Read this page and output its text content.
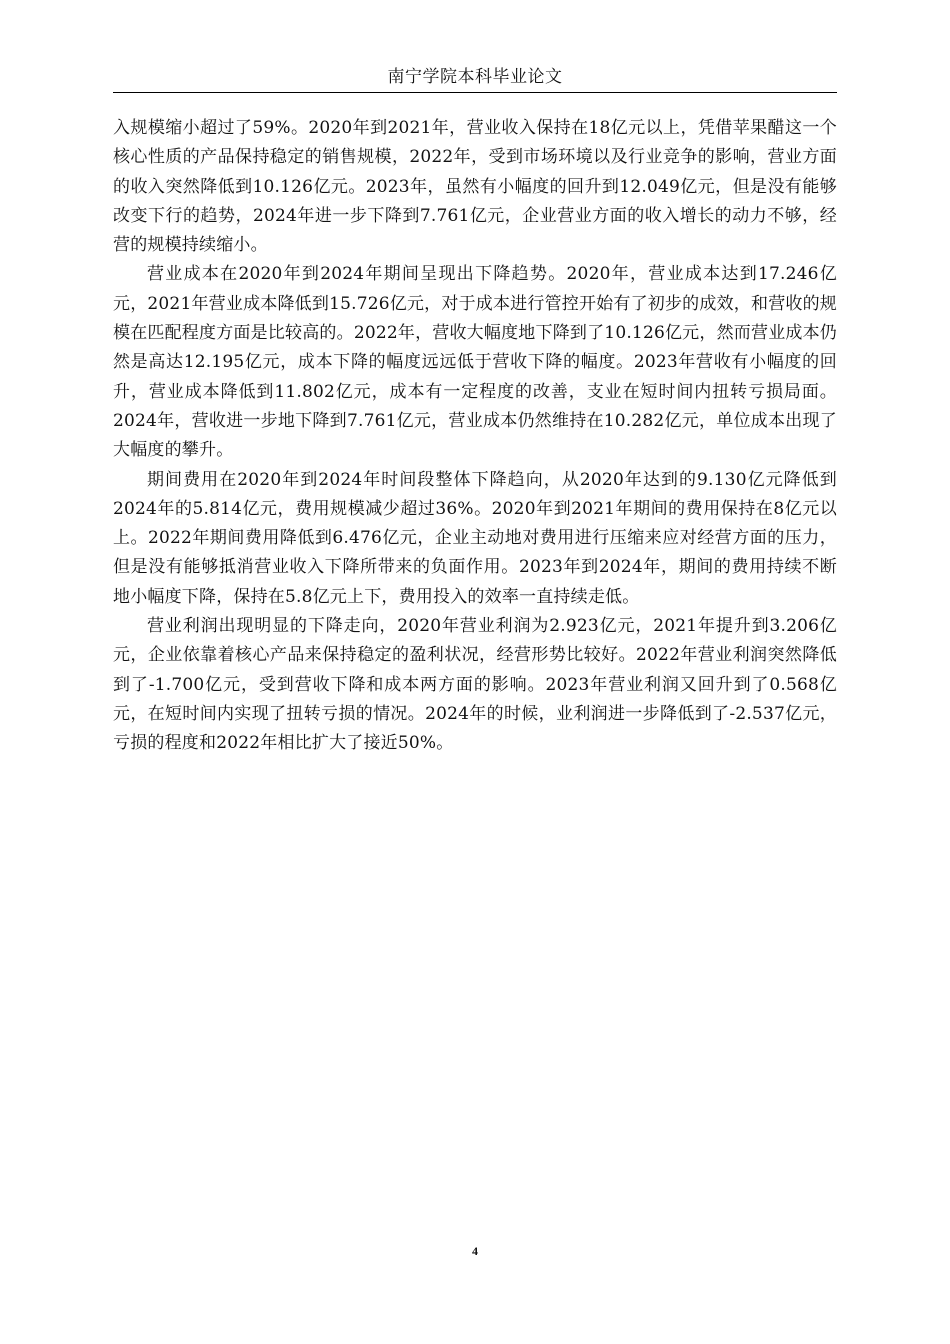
南宁学院本科毕业论文

入规模缩小超过了59%。2020年到2021年，营业收入保持在18亿元以上，凭借苹果醋这一个核心性质的产品保持稳定的销售规模，2022年，受到市场环境以及行业竞争的影响，营业方面的收入突然降低到10.126亿元。2023年，虽然有小幅度的回升到12.049亿元，但是没有能够改变下行的趋势，2024年进一步下降到7.761亿元，企业营业方面的收入增长的动力不够，经营的规模持续缩小。

营业成本在2020年到2024年期间呈现出下降趋势。2020年，营业成本达到17.246亿元，2021年营业成本降低到15.726亿元，对于成本进行管控开始有了初步的成效，和营收的规模在匹配程度方面是比较高的。2022年，营收大幅度地下降到了10.126亿元，然而营业成本仍然是高达12.195亿元，成本下降的幅度远远低于营收下降的幅度。2023年营收有小幅度的回升，营业成本降低到11.802亿元，成本有一定程度的改善，支业在短时间内扭转亏损局面。2024年，营收进一步地下降到7.761亿元，营业成本仍然维持在10.282亿元，单位成本出现了大幅度的攀升。

期间费用在2020年到2024年时间段整体下降趋向，从2020年达到的9.130亿元降低到2024年的5.814亿元，费用规模减少超过36%。2020年到2021年期间的费用保持在8亿元以上。2022年期间费用降低到6.476亿元，企业主动地对费用进行压缩来应对经营方面的压力，但是没有能够抵消营业收入下降所带来的负面作用。2023年到2024年，期间的费用持续不断地小幅度下降，保持在5.8亿元上下，费用投入的效率一直持续走低。

营业利润出现明显的下降走向，2020年营业利润为2.923亿元，2021年提升到3.206亿元，企业依靠着核心产品来保持稳定的盈利状况，经营形势比较好。2022年营业利润突然降低到了-1.700亿元，受到营收下降和成本两方面的影响。2023年营业利润又回升到了0.568亿元，在短时间内实现了扭转亏损的情况。2024年的时候，业利润进一步降低到了-2.537亿元，亏损的程度和2022年相比扩大了接近50%。

4
